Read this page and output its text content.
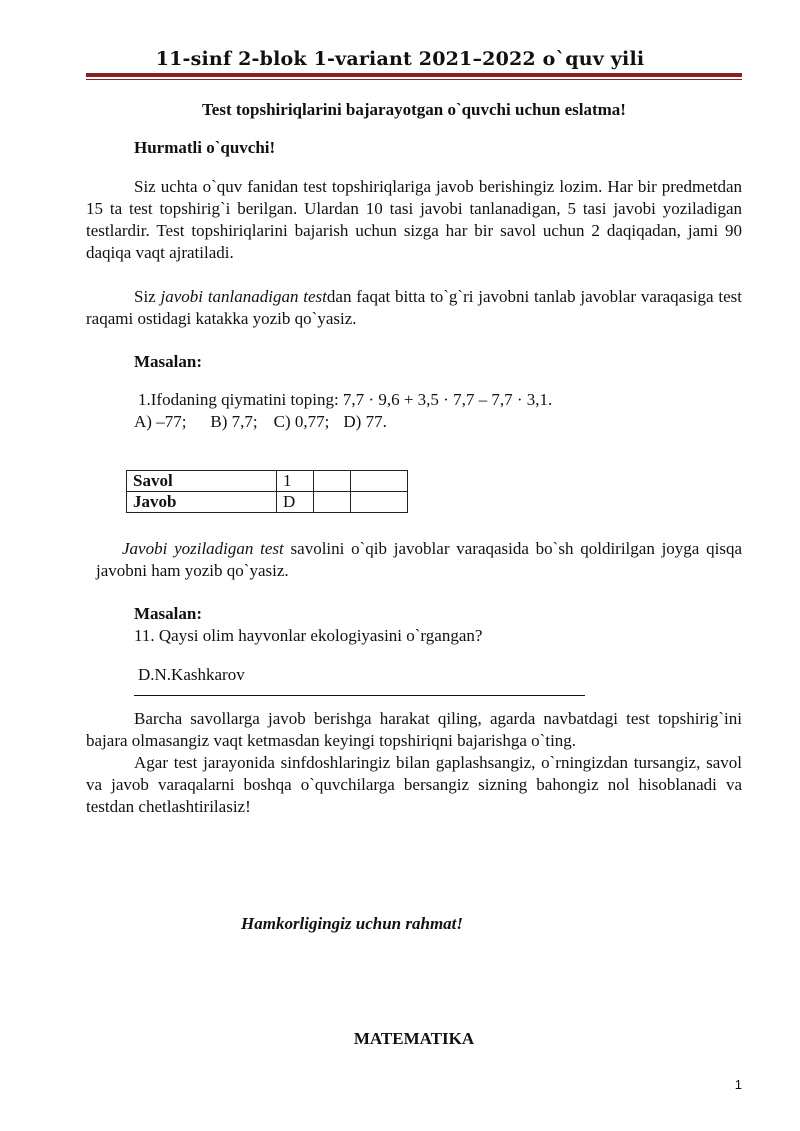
11-sinf 2-blok 1-variant 2021–2022 o`quv yili
Test topshiriqlarini bajarayotgan o`quvchi uchun eslatma!
Hurmatli o`quvchi!
Siz uchta o`quv fanidan test topshiriqlariga javob berishingiz lozim. Har bir predmetdan 15 ta test topshirig`i berilgan. Ulardan 10 tasi javobi tanlanadigan, 5 tasi javobi yoziladigan testlardir. Test topshiriqlarini bajarish uchun sizga har bir savol uchun 2 daqiqadan, jami 90 daqiqa vaqt ajratiladi.
Siz javobi tanlanadigan testdan faqat bitta to`g`ri javobni tanlab javoblar varaqasiga test raqami ostidagi katakka yozib qo`yasiz.
Masalan:
1.Ifodaning qiymatini toping: 7,7 · 9,6 + 3,5 · 7,7 – 7,7 · 3,1.
A) –77; B) 7,7; C) 0,77; D) 77.
Savol	1		
Javob	D		
Javobi yoziladigan test savolini o`qib javoblar varaqasida bo`sh qoldirilgan joyga qisqa javobni ham yozib qo`yasiz.
Masalan:
11. Qaysi olim hayvonlar ekologiyasini o`rgangan?
D.N.Kashkarov
Barcha savollarga javob berishga harakat qiling, agarda navbatdagi test topshirig`ini bajara olmasangiz vaqt ketmasdan keyingi topshiriqni bajarishga o`ting.
Agar test jarayonida sinfdoshlaringiz bilan gaplashsangiz, o`rningizdan tursangiz, savol va javob varaqalarni boshqa o`quvchilarga bersangiz sizning bahongiz nol hisoblanadi va testdan chetlashtirilasiz!
Hamkorligingiz uchun rahmat!
MATEMATIKA
1
